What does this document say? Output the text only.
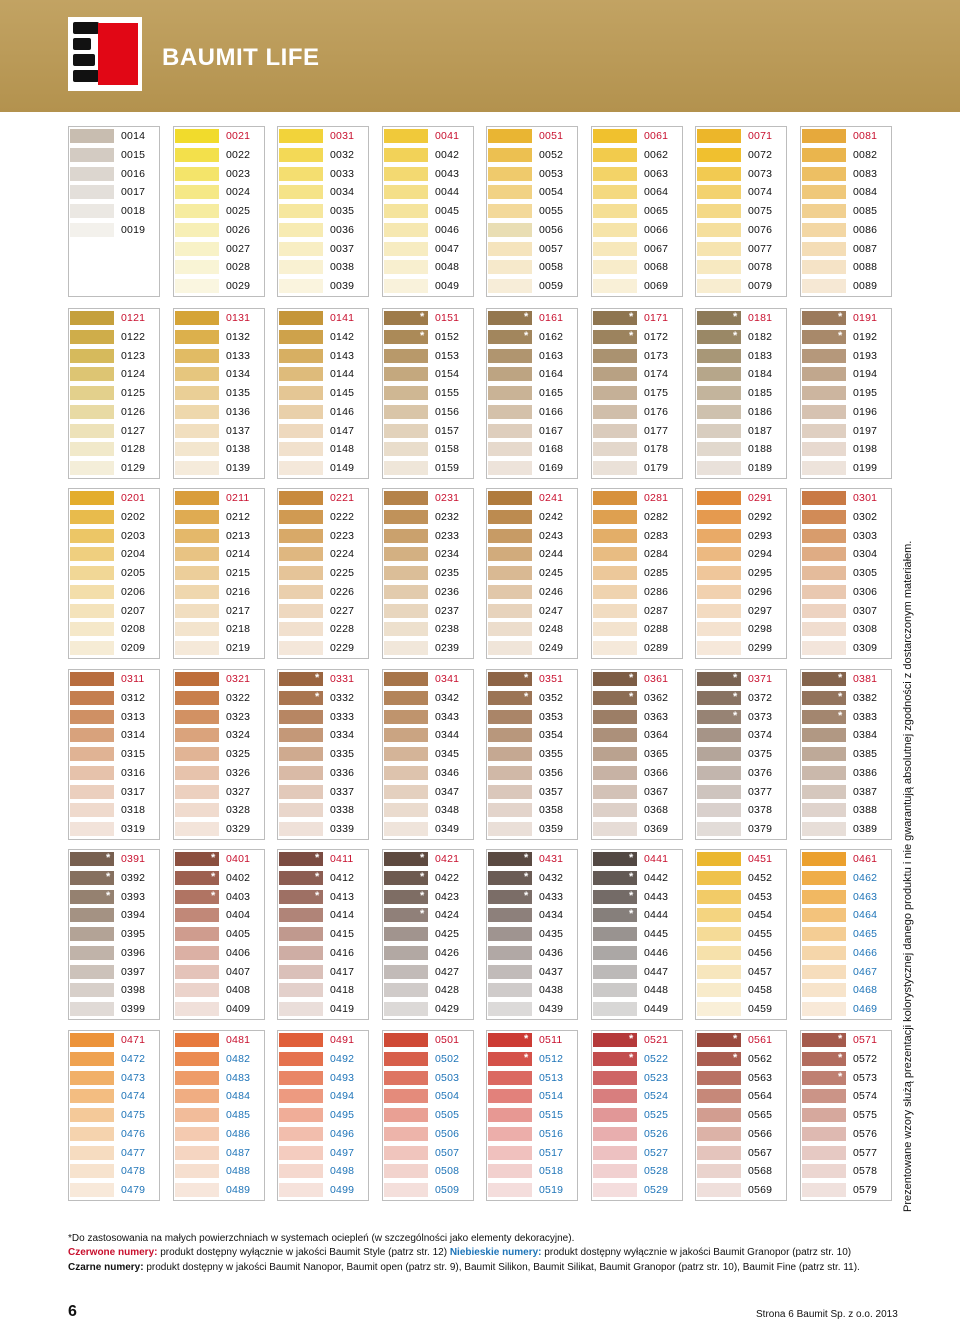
BAUMIT LIFE
0014
0015
0016
0017
0018
0019
0021
0022
0023
0024
0025
0026
0027
0028
0029
0031
0032
0033
0034
0035
0036
0037
0038
0039
0041
0042
0043
0044
0045
0046
0047
0048
0049
0051
0052
0053
0054
0055
0056
0057
0058
0059
0061
0062
0063
0064
0065
0066
0067
0068
0069
0071
0072
0073
0074
0075
0076
0077
0078
0079
0081
0082
0083
0084
0085
0086
0087
0088
0089
0121
0122
0123
0124
0125
0126
0127
0128
0129
0131
0132
0133
0134
0135
0136
0137
0138
0139
0141
0142
0143
0144
0145
0146
0147
0148
0149
* 0151
* 0152
0153
0154
0155
0156
0157
0158
0159
* 0161
* 0162
0163
0164
0165
0166
0167
0168
0169
* 0171
* 0172
0173
0174
0175
0176
0177
0178
0179
* 0181
* 0182
0183
0184
0185
0186
0187
0188
0189
* 0191
* 0192
0193
0194
0195
0196
0197
0198
0199
0201
0202
0203
0204
0205
0206
0207
0208
0209
0211
0212
0213
0214
0215
0216
0217
0218
0219
0221
0222
0223
0224
0225
0226
0227
0228
0229
0231
0232
0233
0234
0235
0236
0237
0238
0239
0241
0242
0243
0244
0245
0246
0247
0248
0249
0281
0282
0283
0284
0285
0286
0287
0288
0289
0291
0292
0293
0294
0295
0296
0297
0298
0299
0301
0302
0303
0304
0305
0306
0307
0308
0309
0311
0312
0313
0314
0315
0316
0317
0318
0319
0321
0322
0323
0324
0325
0326
0327
0328
0329
* 0331
* 0332
0333
0334
0335
0336
0337
0338
0339
0341
0342
0343
0344
0345
0346
0347
0348
0349
* 0351
* 0352
0353
0354
0355
0356
0357
0358
0359
* 0361
* 0362
0363
0364
0365
0366
0367
0368
0369
* 0371
* 0372
* 0373
0374
0375
0376
0377
0378
0379
* 0381
* 0382
* 0383
0384
0385
0386
0387
0388
0389
* 0391
* 0392
* 0393
0394
0395
0396
0397
0398
0399
* 0401
* 0402
* 0403
0404
0405
0406
0407
0408
0409
* 0411
* 0412
* 0413
0414
0415
0416
0417
0418
0419
* 0421
* 0422
* 0423
* 0424
0425
0426
0427
0428
0429
* 0431
* 0432
* 0433
0434
0435
0436
0437
0438
0439
* 0441
* 0442
* 0443
* 0444
0445
0446
0447
0448
0449
0451
0452
0453
0454
0455
0456
0457
0458
0459
0461
0462
0463
0464
0465
0466
0467
0468
0469
0471
0472
0473
0474
0475
0476
0477
0478
0479
0481
0482
0483
0484
0485
0486
0487
0488
0489
0491
0492
0493
0494
0495
0496
0497
0498
0499
0501
0502
0503
0504
0505
0506
0507
0508
0509
* 0511
* 0512
0513
0514
0515
0516
0517
0518
0519
* 0521
* 0522
0523
0524
0525
0526
0527
0528
0529
* 0561
* 0562
0563
0564
0565
0566
0567
0568
0569
* 0571
* 0572
* 0573
0574
0575
0576
0577
0578
0579 Prezentowane wzory służą prezentacji kolorystycznej danego produktu i nie gwarantują absolutnej zgodności z dostarczonym materiałem.
*Do zastosowania na małych powierzchniach w systemach ociepleń (w szczególności jako elementy dekoracyjne).
Czerwone numery: produkt dostępny wyłącznie w jakości Baumit Style (patrz str. 12) Niebieskie numery: produkt dostępny wyłącznie w jakości Baumit Granopor (patrz str. 10)
Czarne numery: produkt dostępny w jakości Baumit Nanopor, Baumit open (patrz str. 9), Baumit Silikon, Baumit Silikat, Baumit Granopor (patrz str. 10), Baumit Fine (patrz str. 11).
6	Strona 6 Baumit Sp. z o.o. 2013
